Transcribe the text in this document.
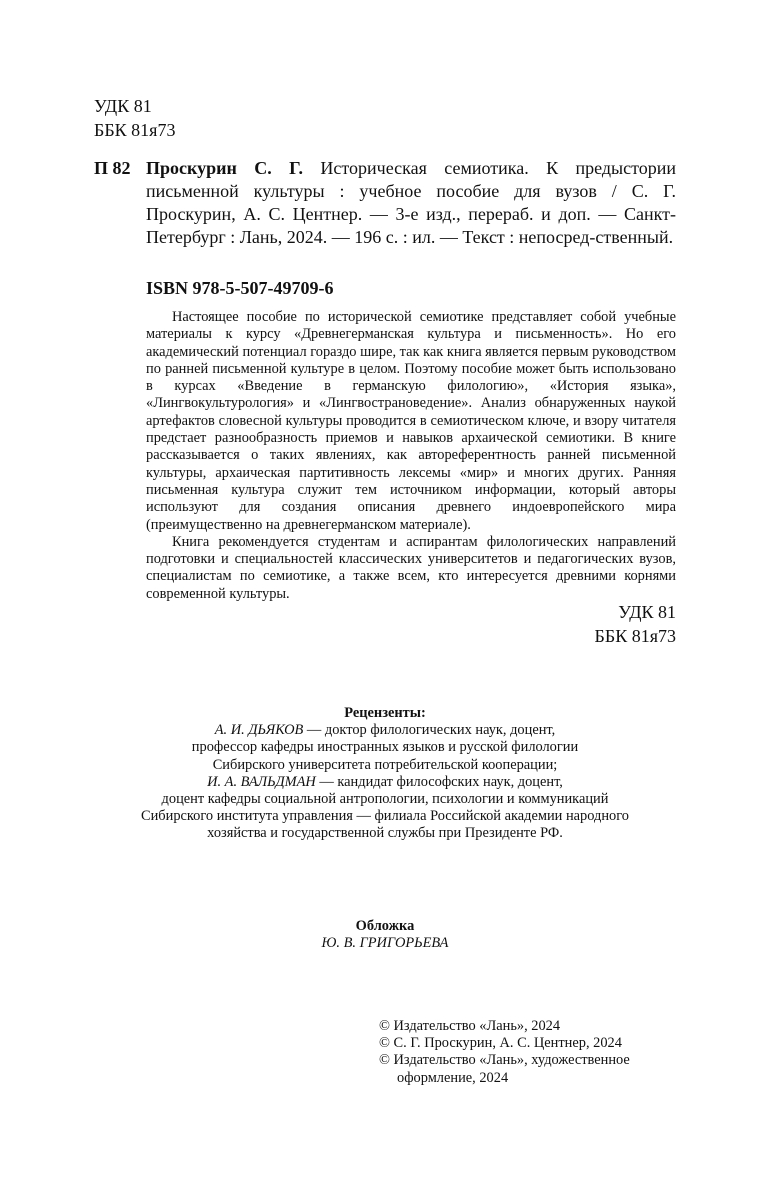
УДК 81
ББК 81я73
П 82 Проскурин С. Г. Историческая семиотика. К предыстории письменной культуры : учебное пособие для вузов / С. Г. Проскурин, А. С. Центнер. — 3-е изд., перераб. и доп. — Санкт-Петербург : Лань, 2024. — 196 с. : ил. — Текст : непосред-ственный.
ISBN 978-5-507-49709-6

Настоящее пособие по исторической семиотике представляет собой учебные материалы к курсу «Древнегерманская культура и письменность». Но его академический потенциал гораздо шире, так как книга является первым руководством по ранней письменной культуре в целом. Поэтому пособие может быть использовано в курсах «Введение в германскую филологию», «История языка», «Лингвокультурология» и «Лингвострановедение». Анализ обнаруженных наукой артефактов словесной культуры проводится в семиотическом ключе, и взору читателя предстает разнообразность приемов и навыков архаической семиотики. В книге рассказывается о таких явлениях, как автореферентность ранней письменной культуры, архаическая партитивность лексемы «мир» и многих других. Ранняя письменная культура служит тем источником информации, который авторы используют для создания описания древнего индоевропейского мира (преимущественно на древнегерманском материале).

Книга рекомендуется студентам и аспирантам филологических направлений подготовки и специальностей классических университетов и педагогических вузов, специалистам по семиотике, а также всем, кто интересуется древними корнями современной культуры.

УДК 81
ББК 81я73
Рецензенты:
А. И. ДЬЯКОВ — доктор филологических наук, доцент,
профессор кафедры иностранных языков и русской филологии
Сибирского университета потребительской кооперации;
И. А. ВАЛЬДМАН — кандидат философских наук, доцент,
доцент кафедры социальной антропологии, психологии и коммуникаций
Сибирского института управления — филиала Российской академии народного
хозяйства и государственной службы при Президенте РФ.
Обложка
Ю. В. ГРИГОРЬЕВА
© Издательство «Лань», 2024
© С. Г. Проскурин, А. С. Центнер, 2024
© Издательство «Лань», художественное
оформление, 2024
